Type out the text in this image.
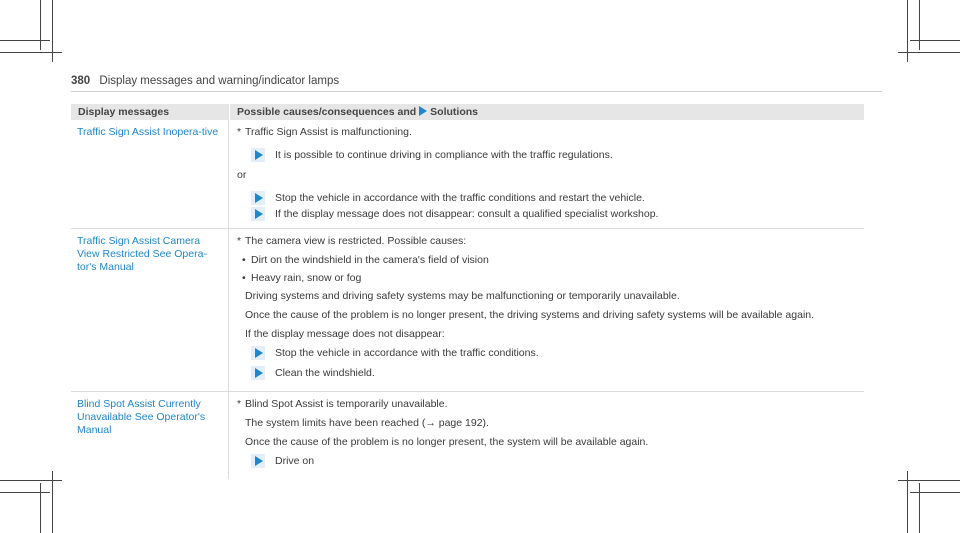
380 Display messages and warning/indicator lamps
Display messages	Possible causes/consequences and Solutions
Traffic Sign Assist Inopera-tive	* Traffic Sign Assist is malfunctioning.

It is possible to continue driving in compliance with the traffic regulations.

or

Stop the vehicle in accordance with the traffic conditions and restart the vehicle.
If the display message does not disappear: consult a qualified specialist workshop.
Traffic Sign Assist Camera View Restricted See Opera-tor's Manual

* The camera view is restricted. Possible causes:

• Dirt on the windshield in the camera's field of vision

• Heavy rain, snow or fog

Driving systems and driving safety systems may be malfunctioning or temporarily unavailable.

Once the cause of the problem is no longer present, the driving systems and driving safety systems will be available again.

If the display message does not disappear:

Stop the vehicle in accordance with the traffic conditions.
Clean the windshield.
Blind Spot Assist Currently Unavailable See Operator's Manual

* Blind Spot Assist is temporarily unavailable.

The system limits have been reached (→ page 192).

Once the cause of the problem is no longer present, the system will be available again.

Drive on
